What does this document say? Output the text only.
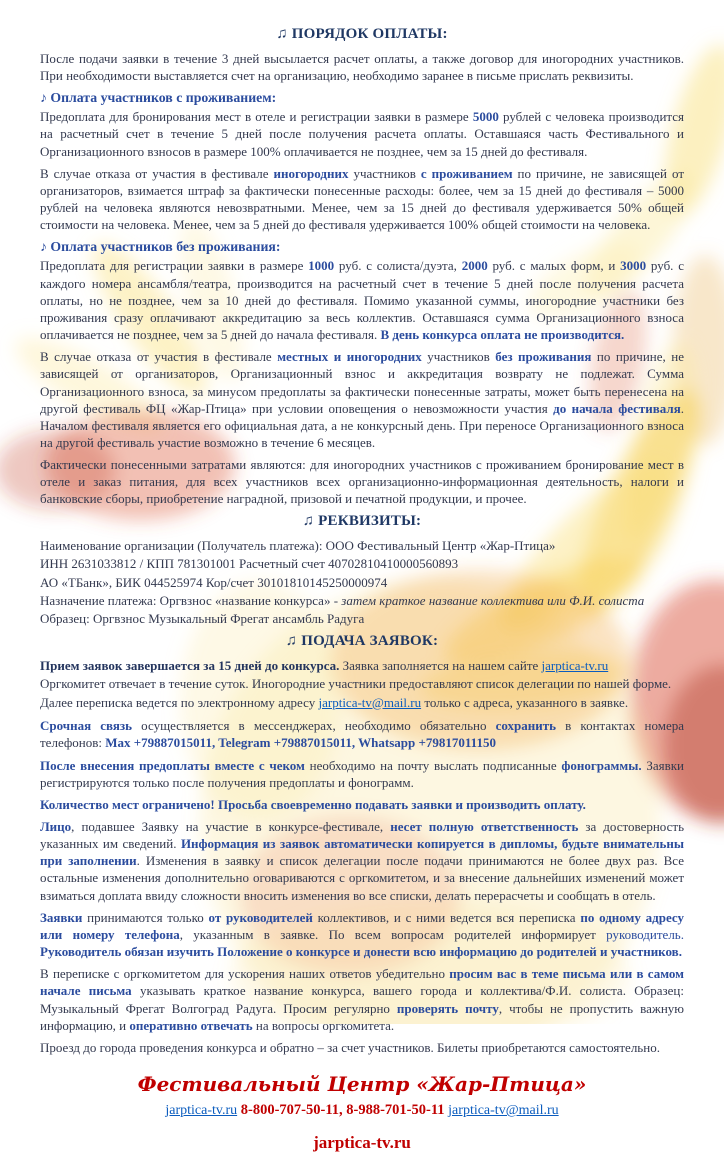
♫ ПОРЯДОК ОПЛАТЫ:

После подачи заявки в течение 3 дней высылается расчет оплаты, а также договор для иногородних участников. При необходимости выставляется счет на организацию, необходимо заранее в письме прислать реквизиты.

♪ Оплата участников с проживанием:

Предоплата для бронирования мест в отеле и регистрации заявки в размере 5000 рублей с человека производится на расчетный счет в течение 5 дней после получения расчета оплаты. Оставшаяся часть Фестивального и Организационного взносов в размере 100% оплачивается не позднее, чем за 15 дней до фестиваля.

В случае отказа от участия в фестивале иногородних участников с проживанием по причине, не зависящей от организаторов, взимается штраф за фактически понесенные расходы: более, чем за 15 дней до фестиваля – 5000 рублей на человека являются невозвратными. Менее, чем за 15 дней до фестиваля удерживается 50% общей стоимости на человека. Менее, чем за 5 дней до фестиваля удерживается 100% общей стоимости на человека.

♪ Оплата участников без проживания:

Предоплата для регистрации заявки в размере 1000 руб. с солиста/дуэта, 2000 руб. с малых форм, и 3000 руб. с каждого номера ансамбля/театра, производится на расчетный счет в течение 5 дней после получения расчета оплаты, но не позднее, чем за 10 дней до фестиваля. Помимо указанной суммы, иногородние участники без проживания сразу оплачивают аккредитацию за весь коллектив. Оставшаяся сумма Организационного взноса оплачивается не позднее, чем за 5 дней до начала фестиваля. В день конкурса оплата не производится.

В случае отказа от участия в фестивале местных и иногородних участников без проживания по причине, не зависящей от организаторов, Организационный взнос и аккредитация возврату не подлежат. Сумма Организационного взноса, за минусом предоплаты за фактически понесенные затраты, может быть перенесена на другой фестиваль ФЦ «Жар-Птица» при условии оповещения о невозможности участия до начала фестиваля. Началом фестиваля является его официальная дата, а не конкурсный день. При переносе Организационного взноса на другой фестиваль участие возможно в течение 6 месяцев.

Фактически понесенными затратами являются: для иногородних участников с проживанием бронирование мест в отеле и заказ питания, для всех участников всех организационно-информационная деятельность, налоги и банковские сборы, приобретение наградной, призовой и печатной продукции, и прочее.

♫ РЕКВИЗИТЫ:
Наименование организации (Получатель платежа): ООО Фестивальный Центр «Жар-Птица»
ИНН 2631033812 / КПП 781301001 Расчетный счет 40702810410000560893
АО «ТБанк», БИК 044525974 Кор/счет 30101810145250000974
Назначение платежа: Оргвзнос «название конкурса» - затем краткое название коллектива или Ф.И. солиста
Образец: Оргвзнос Музыкальный Фрегат ансамбль Радуга
♫ ПОДАЧА ЗАЯВОК:
Прием заявок завершается за 15 дней до конкурса. Заявка заполняется на нашем сайте jarptica-tv.ru
Оргкомитет отвечает в течение суток. Иногородние участники предоставляют список делегации по нашей форме.
Далее переписка ведется по электронному адресу jarptica-tv@mail.ru только с адреса, указанного в заявке.

Срочная связь осуществляется в мессенджерах, необходимо обязательно сохранить в контактах номера телефонов: Max +79887015011, Telegram +79887015011, Whatsapp +79817011150

После внесения предоплаты вместе с чеком необходимо на почту выслать подписанные фонограммы. Заявки регистрируются только после получения предоплаты и фонограмм.

Количество мест ограничено! Просьба своевременно подавать заявки и производить оплату.

Лицо, подавшее Заявку на участие в конкурсе-фестивале, несет полную ответственность за достоверность указанных им сведений. Информация из заявок автоматически копируется в дипломы, будьте внимательны при заполнении. Изменения в заявку и список делегации после подачи принимаются не более двух раз. Все остальные изменения дополнительно оговариваются с оргкомитетом, и за внесение дальнейших изменений может взиматься доплата ввиду сложности вносить изменения во все списки, делать перерасчеты и сообщать в отель.

Заявки принимаются только от руководителей коллективов, и с ними ведется вся переписка по одному адресу или номеру телефона, указанным в заявке. По всем вопросам родителей информирует руководитель. Руководитель обязан изучить Положение о конкурсе и донести всю информацию до родителей и участников.

В переписке с оргкомитетом для ускорения наших ответов убедительно просим вас в теме письма или в самом начале письма указывать краткое название конкурса, вашего города и коллектива/Ф.И. солиста. Образец: Музыкальный Фрегат Волгоград Радуга. Просим регулярно проверять почту, чтобы не пропустить важную информацию, и оперативно отвечать на вопросы оргкомитета.

Проезд до города проведения конкурса и обратно – за счет участников. Билеты приобретаются самостоятельно.

Фестивальный Центр «Жар-Птица»
jarptica-tv.ru 8-800-707-50-11, 8-988-701-50-11 jarptica-tv@mail.ru
jarptica-tv.ru
